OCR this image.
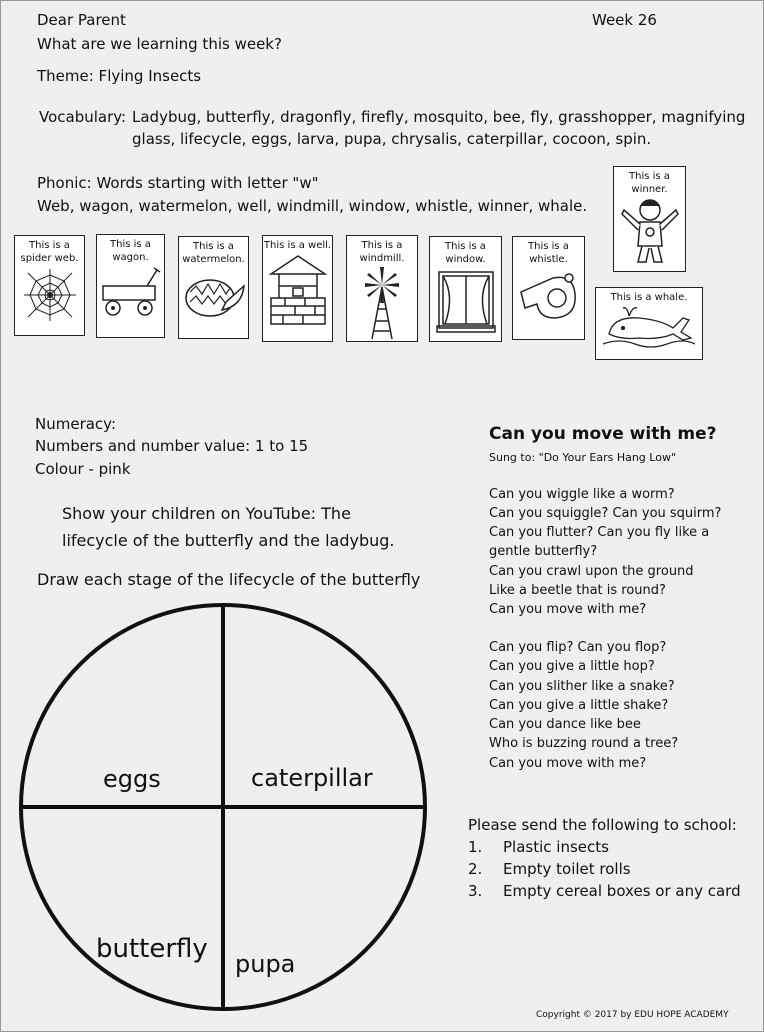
Dear Parent	Week 26
What are we learning this week?
Theme: Flying Insects
Vocabulary: Ladybug, butterfly, dragonfly, firefly, mosquito, bee, fly, grasshopper, magnifying
glass, lifecycle, eggs, larva, pupa, chrysalis, caterpillar, cocoon, spin.
Phonic: Words starting with letter "w"
Web, wagon, watermelon, well, windmill, window, whistle, winner, whale.
This is a spider web.
This is a wagon.
This is a watermelon.
This is a well.	This is a windmill.
This is a window.
This is a whistle.
This is a winner.
This is a whale.
Numeracy:
Numbers and number value: 1 to 15
Colour - pink
Show your children on YouTube: The
lifecycle of the butterfly and the ladybug.
Draw each stage of the lifecycle of the butterfly
eggs	caterpillar
butterfly pupa
Can you move with me?
Sung to: "Do Your Ears Hang Low"
Can you wiggle like a worm?
Can you squiggle? Can you squirm?
Can you flutter? Can you fly like a
gentle butterfly?
Can you crawl upon the ground
Like a beetle that is round?
Can you move with me?
Can you flip? Can you flop?
Can you give a little hop?
Can you slither like a snake?
Can you give a little shake?
Can you dance like bee
Who is buzzing round a tree?
Can you move with me?
Please send the following to school:
1. Plastic insects
2. Empty toilet rolls
3. Empty cereal boxes or any card
Copyright © 2017 by EDU HOPE ACADEMY
